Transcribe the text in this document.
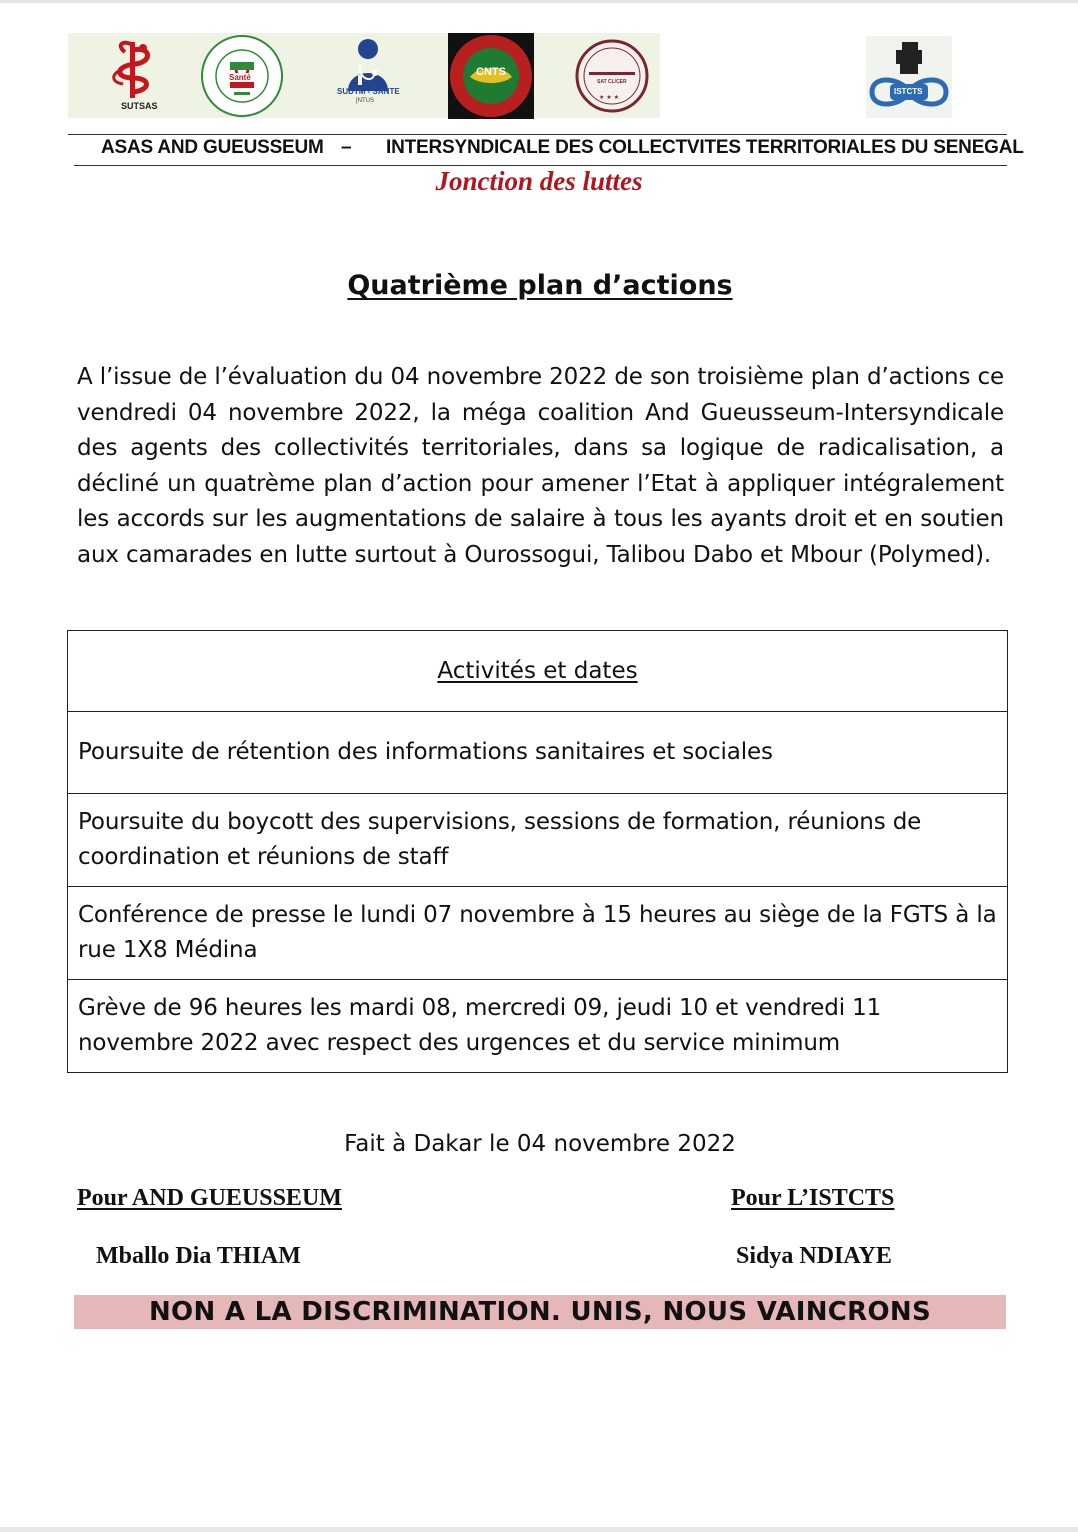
SUTSAS
Santé
SUDTM - SANTE
[NTUS
CNTS
★ ★ ★
SAT CL/CER
ISTCTS
ASAS AND GUEUSSEUM – INTERSYNDICALE DES COLLECTVITES TERRITORIALES DU SENEGAL
Jonction des luttes
Quatrième plan d’actions
A l’issue de l’évaluation du 04 novembre 2022 de son troisième plan d’actions ce vendredi 04 novembre 2022, la méga coalition And Gueusseum-Intersyndicale des agents des collectivités territoriales, dans sa logique de radicalisation, a décliné un quatrème plan d’action pour amener l’Etat à appliquer intégralement les accords sur les augmentations de salaire à tous les ayants droit et en soutien aux camarades en lutte surtout à Ourossogui, Talibou Dabo et Mbour (Polymed).
Activités et dates
Poursuite de rétention des informations sanitaires et sociales
Poursuite du boycott des supervisions, sessions de formation, réunions de coordination et réunions de staff
Conférence de presse le lundi 07 novembre à 15 heures au siège de la FGTS à la rue 1X8 Médina
Grève de 96 heures les mardi 08, mercredi 09, jeudi 10 et vendredi 11 novembre 2022 avec respect des urgences et du service minimum
Fait à Dakar le 04 novembre 2022
Pour AND GUEUSSEUM
Mballo Dia THIAM
Pour L’ISTCTS
Sidya NDIAYE
NON A LA DISCRIMINATION. UNIS, NOUS VAINCRONS
